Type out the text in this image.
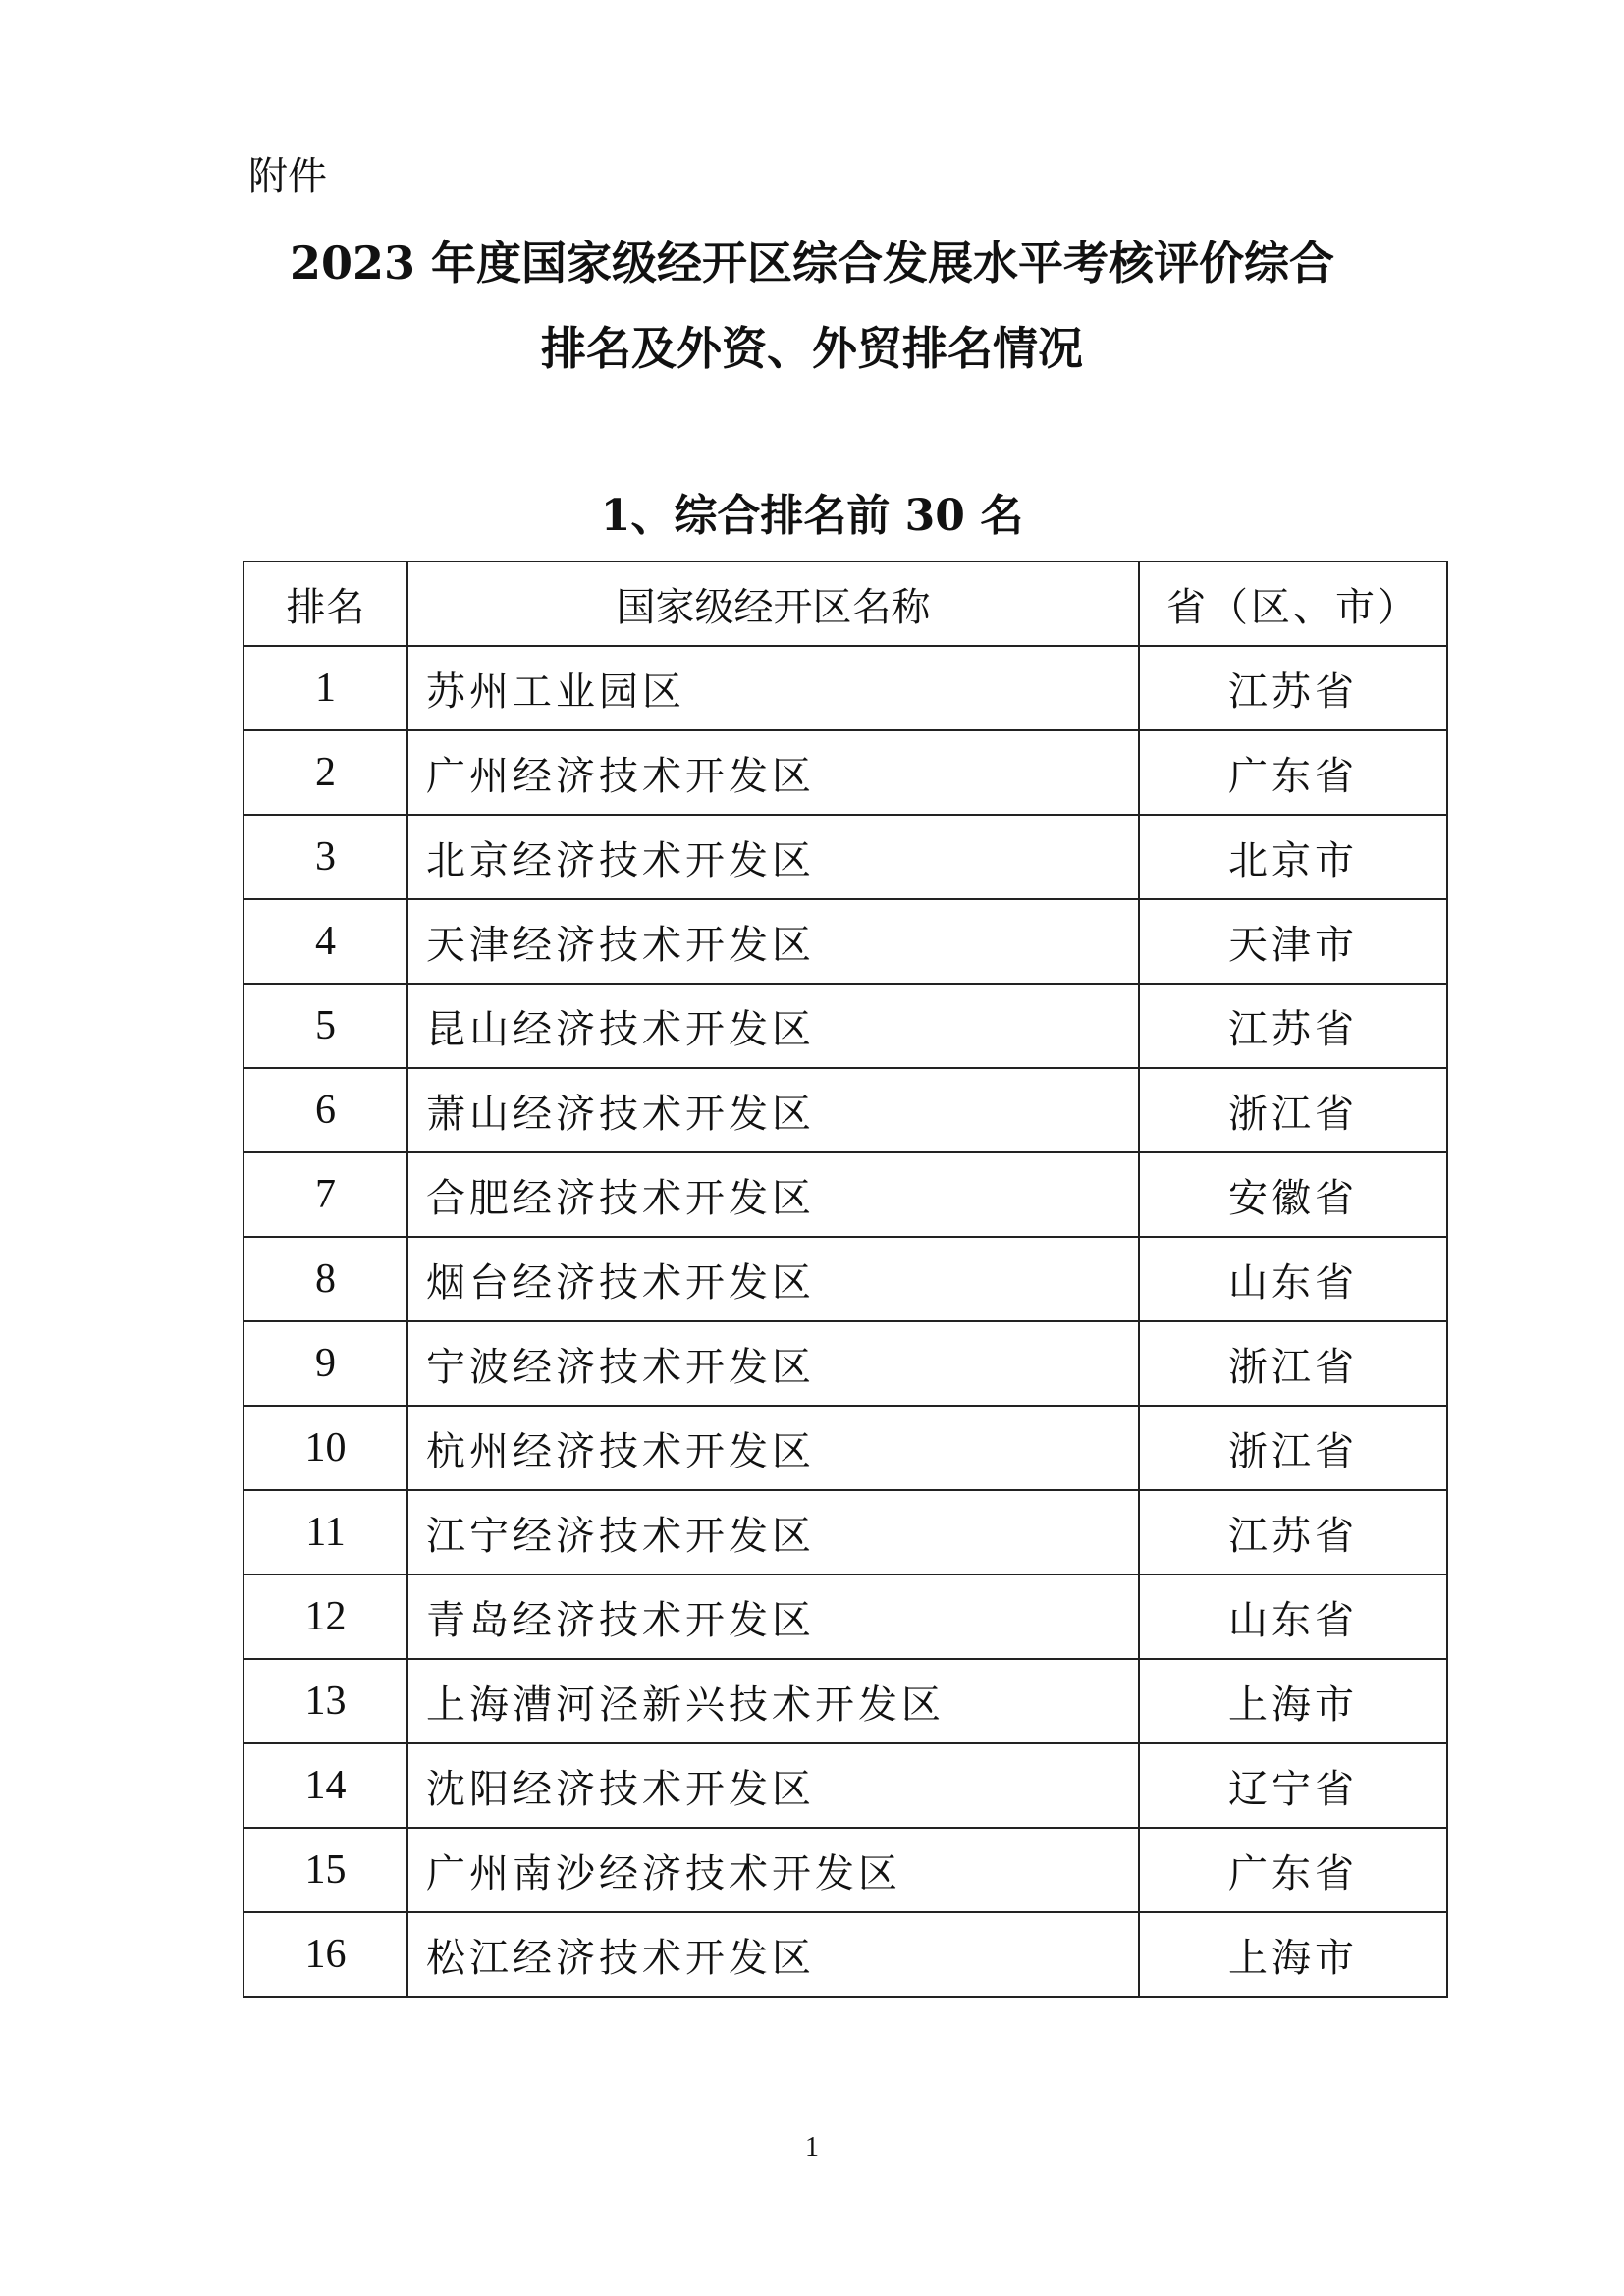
附件
2023 年度国家级经开区综合发展水平考核评价综合
排名及外资、外贸排名情况
1、综合排名前 30 名
排名	国家级经开区名称	省（区、市）
1	苏州工业园区	江苏省
2	广州经济技术开发区	广东省
3	北京经济技术开发区	北京市
4	天津经济技术开发区	天津市
5	昆山经济技术开发区	江苏省
6	萧山经济技术开发区	浙江省
7	合肥经济技术开发区	安徽省
8	烟台经济技术开发区	山东省
9	宁波经济技术开发区	浙江省
10	杭州经济技术开发区	浙江省
11	江宁经济技术开发区	江苏省
12	青岛经济技术开发区	山东省
13	上海漕河泾新兴技术开发区	上海市
14	沈阳经济技术开发区	辽宁省
15	广州南沙经济技术开发区	广东省
16	松江经济技术开发区	上海市
1
